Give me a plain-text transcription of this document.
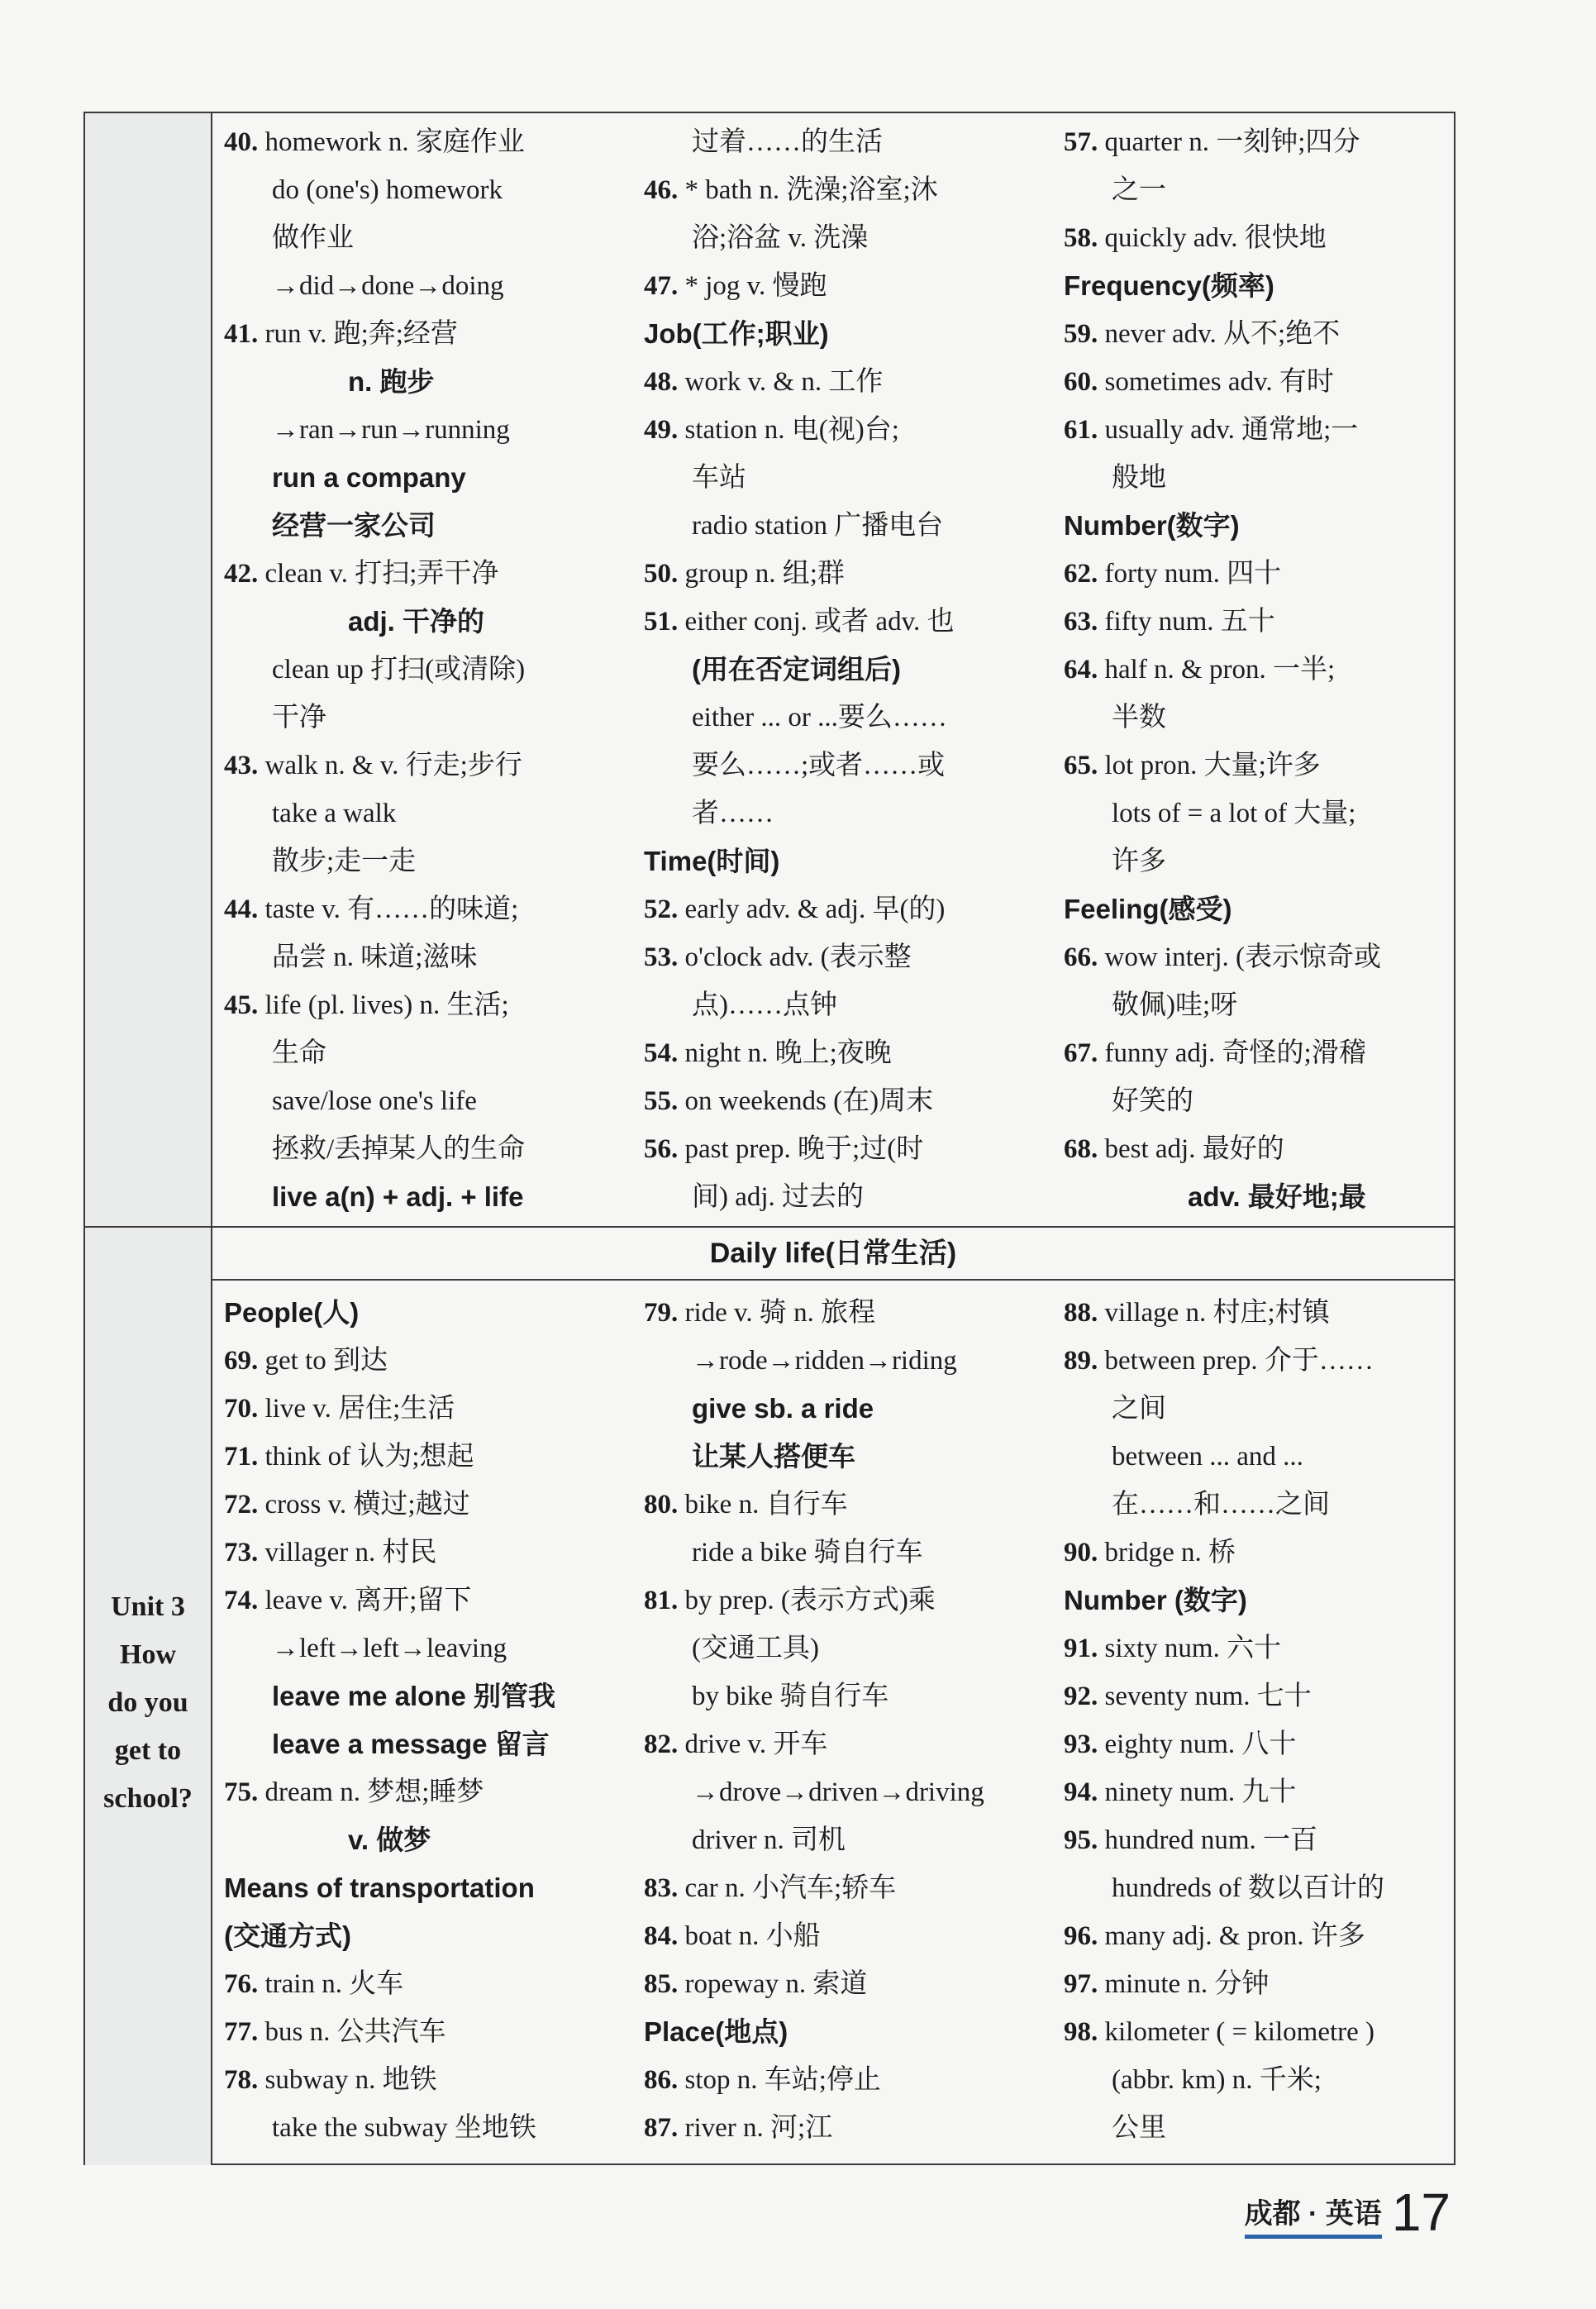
40. homework n. 家庭作业
do (one's) homework
做作业
→did→done→doing
41. run v. 跑;奔;经营
n. 跑步
→ran→run→running
run a company
经营一家公司
42. clean v. 打扫;弄干净
adj. 干净的
clean up 打扫(或清除)
干净
43. walk n. & v. 行走;步行
take a walk
散步;走一走
44. taste v. 有……的味道;
品尝 n. 味道;滋味
45. life (pl. lives) n. 生活;
生命
save/lose one's life
拯救/丢掉某人的生命
live a(n) + adj. + life
过着……的生活
46. * bath n. 洗澡;浴室;沐
浴;浴盆 v. 洗澡
47. * jog v. 慢跑
Job(工作;职业)
48. work v. & n. 工作
49. station n. 电(视)台;
车站
radio station 广播电台
50. group n. 组;群
51. either conj. 或者 adv. 也
(用在否定词组后)
either ... or ...要么……
要么……;或者……或
者……
Time(时间)
52. early adv. & adj. 早(的)
53. o'clock adv. (表示整
点)……点钟
54. night n. 晚上;夜晚
55. on weekends (在)周末
56. past prep. 晚于;过(时
间) adj. 过去的
57. quarter n. 一刻钟;四分
之一
58. quickly adv. 很快地
Frequency(频率)
59. never adv. 从不;绝不
60. sometimes adv. 有时
61. usually adv. 通常地;一
般地
Number(数字)
62. forty num. 四十
63. fifty num. 五十
64. half n. & pron. 一半;
半数
65. lot pron. 大量;许多
lots of = a lot of 大量;
许多
Feeling(感受)
66. wow interj. (表示惊奇或
敬佩)哇;呀
67. funny adj. 奇怪的;滑稽
好笑的
68. best adj. 最好的
adv. 最好地;最
Unit 3
How
do you
get to
school?
Daily life(日常生活)
People(人)
69. get to 到达
70. live v. 居住;生活
71. think of 认为;想起
72. cross v. 横过;越过
73. villager n. 村民
74. leave v. 离开;留下
→left→left→leaving
leave me alone 别管我
leave a message 留言
75. dream n. 梦想;睡梦
v. 做梦
Means of transportation
(交通方式)
76. train n. 火车
77. bus n. 公共汽车
78. subway n. 地铁
take the subway 坐地铁
79. ride v. 骑 n. 旅程
→rode→ridden→riding
give sb. a ride
让某人搭便车
80. bike n. 自行车
ride a bike 骑自行车
81. by prep. (表示方式)乘
(交通工具)
by bike 骑自行车
82. drive v. 开车
→drove→driven→driving
driver n. 司机
83. car n. 小汽车;轿车
84. boat n. 小船
85. ropeway n. 索道
Place(地点)
86. stop n. 车站;停止
87. river n. 河;江
88. village n. 村庄;村镇
89. between prep. 介于……
之间
between ... and ...
在……和……之间
90. bridge n. 桥
Number (数字)
91. sixty num. 六十
92. seventy num. 七十
93. eighty num. 八十
94. ninety num. 九十
95. hundred num. 一百
hundreds of 数以百计的
96. many adj. & pron. 许多
97. minute n. 分钟
98. kilometer ( = kilometre )
(abbr. km) n. 千米;
公里
成都 · 英语 17
